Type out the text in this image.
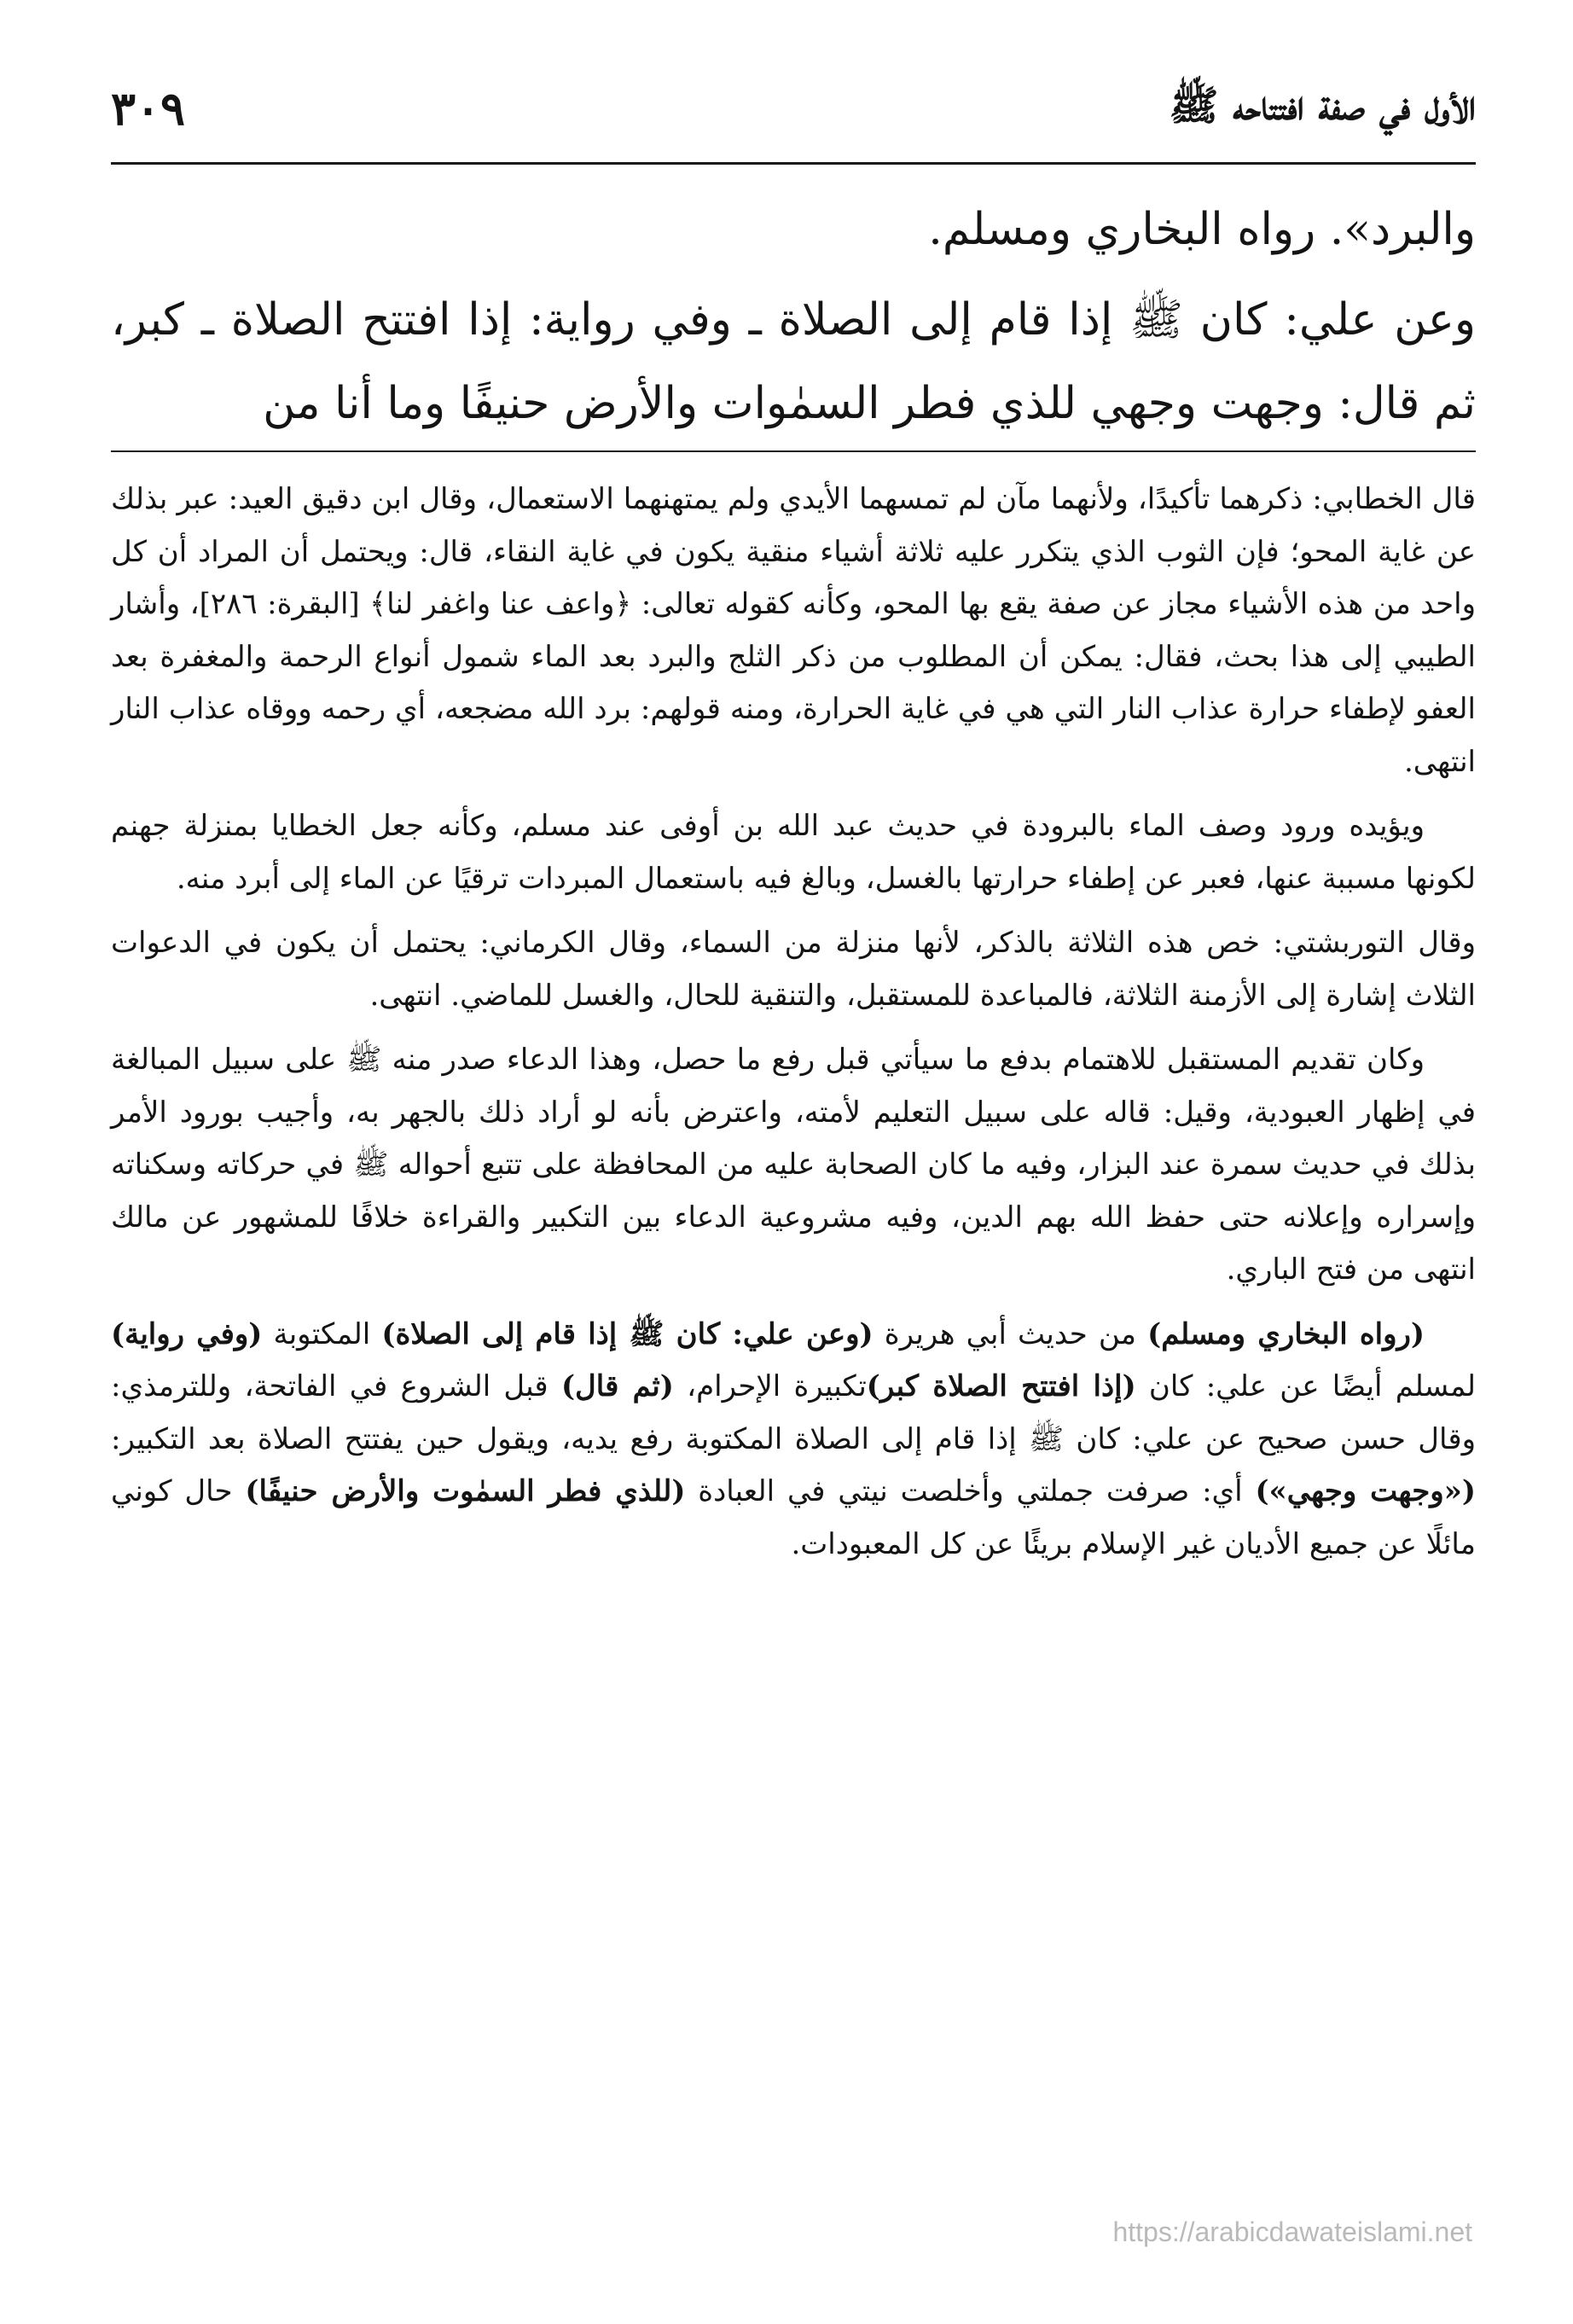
الأول في صفة افتتاحه ﷺ
٣٠٩

والبرد». رواه البخاري ومسلم.

وعن علي: كان ﷺ إذا قام إلى الصلاة ـ وفي رواية: إذا افتتح الصلاة ـ كبر، ثم قال: وجهت وجهي للذي فطر السمٰوات والأرض حنيفًا وما أنا من

قال الخطابي: ذكرهما تأكيدًا، ولأنهما مآن لم تمسهما الأيدي ولم يمتهنهما الاستعمال، وقال ابن دقيق العيد: عبر بذلك عن غاية المحو؛ فإن الثوب الذي يتكرر عليه ثلاثة أشياء منقية يكون في غاية النقاء، قال: ويحتمل أن المراد أن كل واحد من هذه الأشياء مجاز عن صفة يقع بها المحو، وكأنه كقوله تعالى: ﴿واعف عنا واغفر لنا﴾ [البقرة: ٢٨٦]، وأشار الطيبي إلى هذا بحث، فقال: يمكن أن المطلوب من ذكر الثلج والبرد بعد الماء شمول أنواع الرحمة والمغفرة بعد العفو لإطفاء حرارة عذاب النار التي هي في غاية الحرارة، ومنه قولهم: برد الله مضجعه، أي رحمه ووقاه عذاب النار انتهى.

ويؤيده ورود وصف الماء بالبرودة في حديث عبد الله بن أوفى عند مسلم، وكأنه جعل الخطايا بمنزلة جهنم لكونها مسببة عنها، فعبر عن إطفاء حرارتها بالغسل، وبالغ فيه باستعمال المبردات ترقيًا عن الماء إلى أبرد منه.

وقال التوربشتي: خص هذه الثلاثة بالذكر، لأنها منزلة من السماء، وقال الكرماني: يحتمل أن يكون في الدعوات الثلاث إشارة إلى الأزمنة الثلاثة، فالمباعدة للمستقبل، والتنقية للحال، والغسل للماضي. انتهى.

وكان تقديم المستقبل للاهتمام بدفع ما سيأتي قبل رفع ما حصل، وهذا الدعاء صدر منه ﷺ على سبيل المبالغة في إظهار العبودية، وقيل: قاله على سبيل التعليم لأمته، واعترض بأنه لو أراد ذلك بالجهر به، وأجيب بورود الأمر بذلك في حديث سمرة عند البزار، وفيه ما كان الصحابة عليه من المحافظة على تتبع أحواله ﷺ في حركاته وسكناته وإسراره وإعلانه حتى حفظ الله بهم الدين، وفيه مشروعية الدعاء بين التكبير والقراءة خلافًا للمشهور عن مالك انتهى من فتح الباري.

(رواه البخاري ومسلم) من حديث أبي هريرة (وعن علي: كان ﷺ إذا قام إلى الصلاة) المكتوبة (وفي رواية) لمسلم أيضًا عن علي: كان (إذا افتتح الصلاة كبر)تكبيرة الإحرام، (ثم قال) قبل الشروع في الفاتحة، وللترمذي: وقال حسن صحيح عن علي: كان ﷺ إذا قام إلى الصلاة المكتوبة رفع يديه، ويقول حين يفتتح الصلاة بعد التكبير: («وجهت وجهي») أي: صرفت جملتي وأخلصت نيتي في العبادة (للذي فطر السمٰوت والأرض حنيفًا) حال كوني مائلًا عن جميع الأديان غير الإسلام بريئًا عن كل المعبودات.

https://arabicdawateislami.net
